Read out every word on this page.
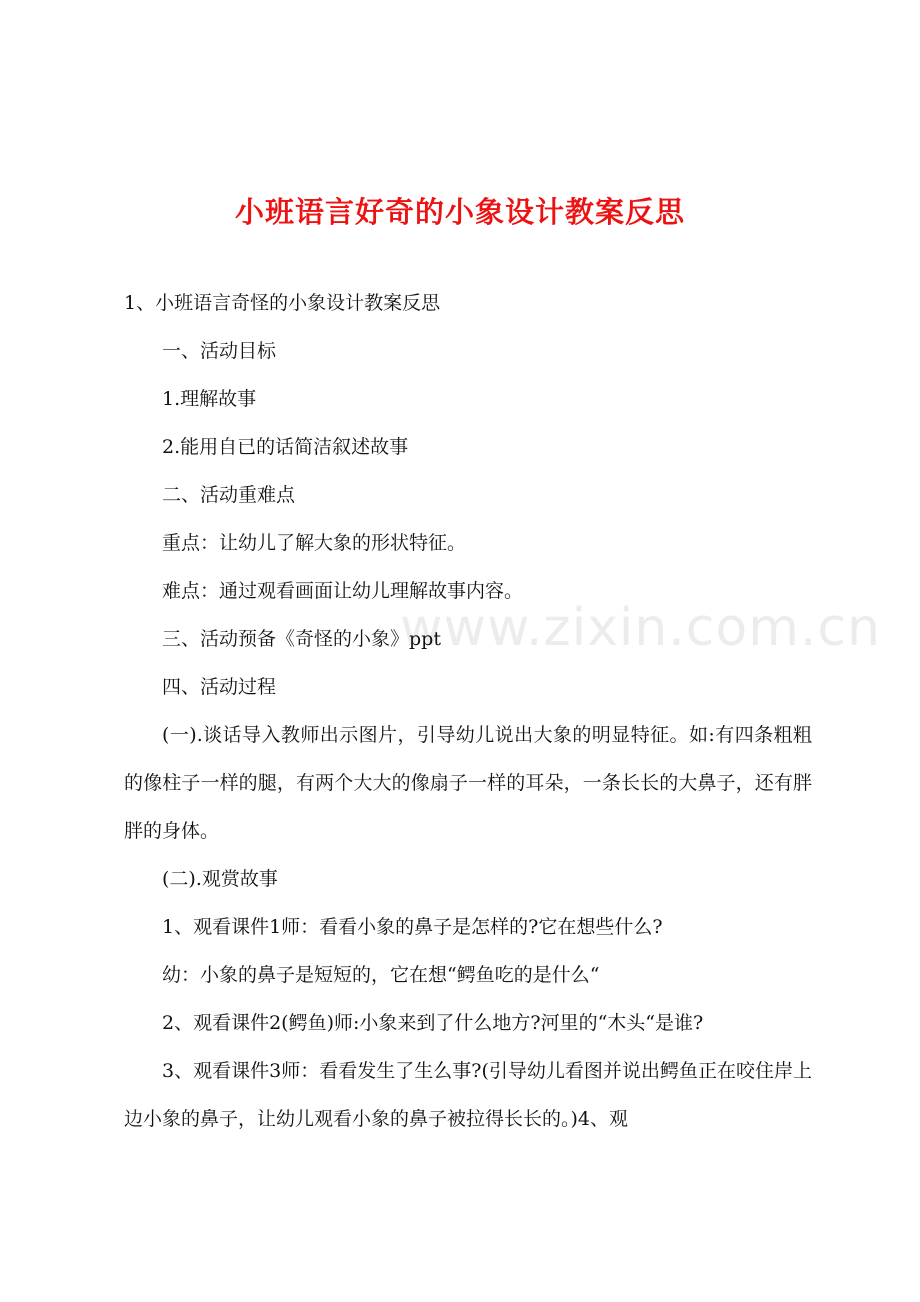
www.zixin.com.cn
小班语言好奇的小象设计教案反思

1、小班语言奇怪的小象设计教案反思

一、活动目标

1.理解故事

2.能用自已的话简洁叙述故事

二、活动重难点

重点：让幼儿了解大象的形状特征。

难点：通过观看画面让幼儿理解故事内容。

三、活动预备《奇怪的小象》ppt

四、活动过程

(一).谈话导入教师出示图片，引导幼儿说出大象的明显特征。如:有四条粗粗的像柱子一样的腿，有两个大大的像扇子一样的耳朵，一条长长的大鼻子，还有胖胖的身体。

(二).观赏故事

1、观看课件1师：看看小象的鼻子是怎样的?它在想些什么?

幼：小象的鼻子是短短的，它在想“鳄鱼吃的是什么“

2、观看课件2(鳄鱼)师:小象来到了什么地方?河里的“木头“是谁?

3、观看课件3师：看看发生了生么事?(引导幼儿看图并说出鳄鱼正在咬住岸上边小象的鼻子，让幼儿观看小象的鼻子被拉得长长的。)4、观
